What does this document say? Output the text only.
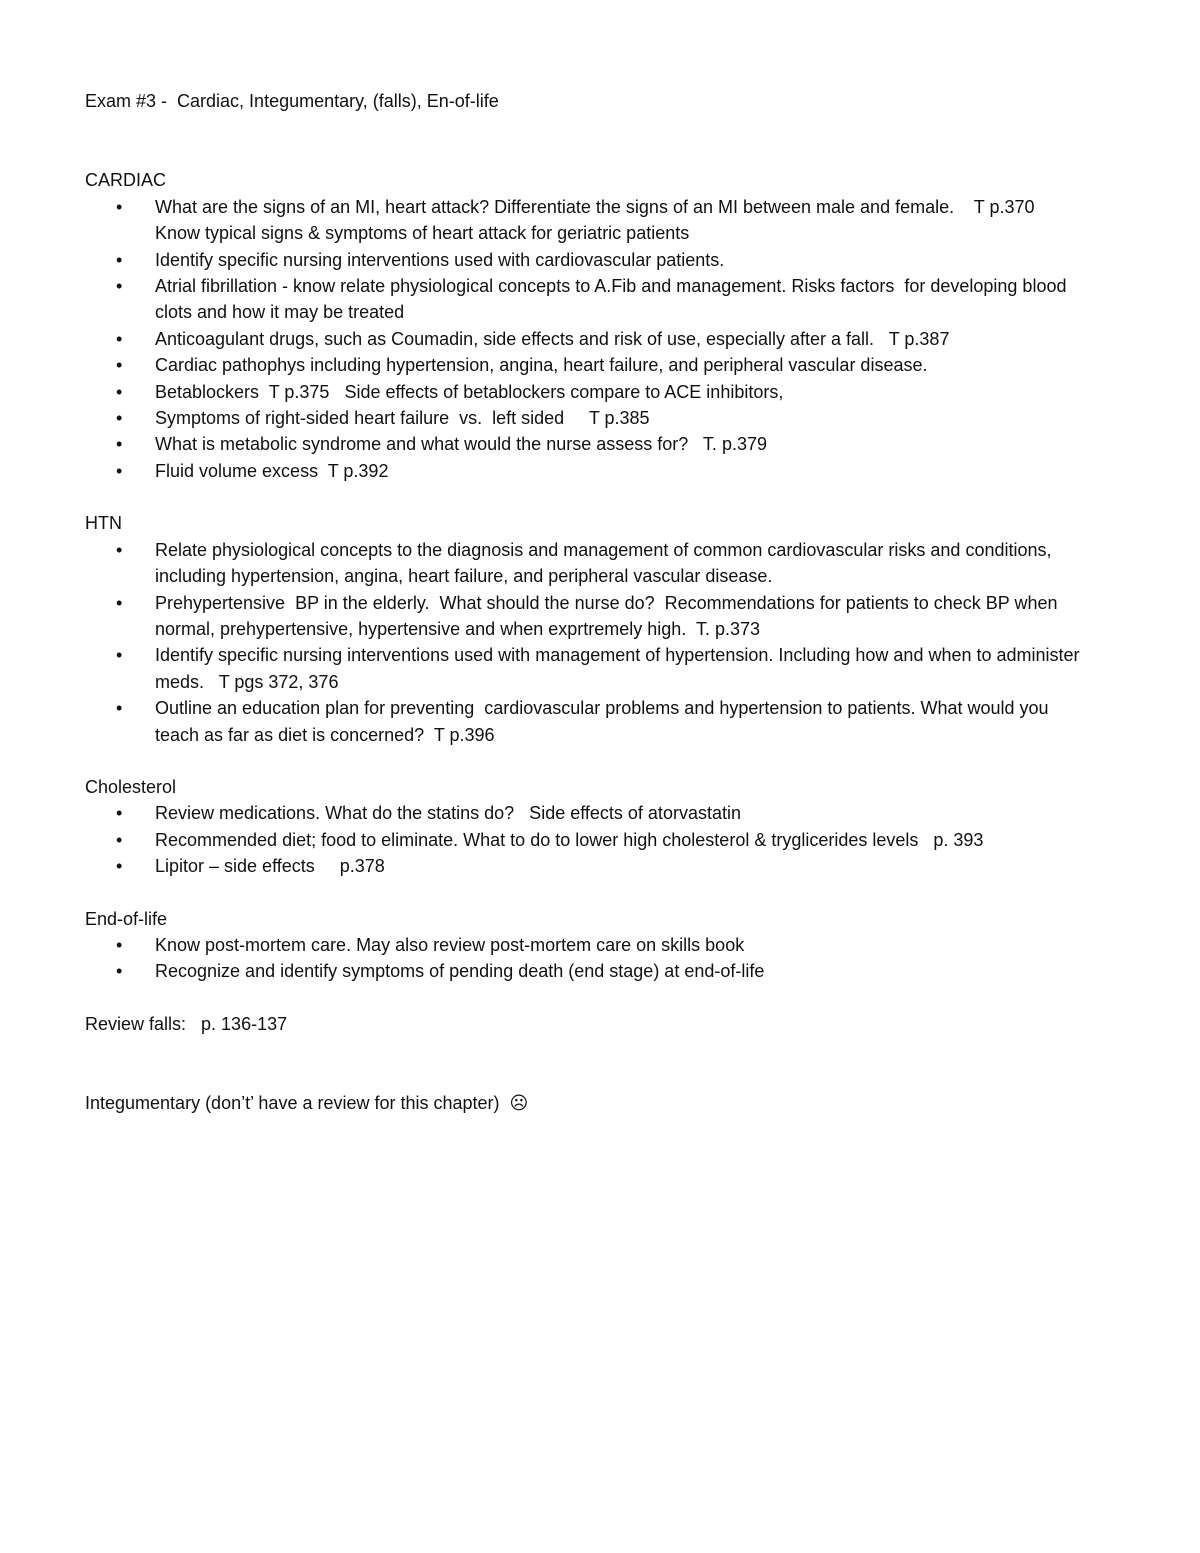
Exam #3 -  Cardiac, Integumentary, (falls), En-of-life
CARDIAC
• What are the signs of an MI, heart attack? Differentiate the signs of an MI between male and female.    T p.370    Know typical signs & symptoms of heart attack for geriatric patients
• Identify specific nursing interventions used with cardiovascular patients.
• Atrial fibrillation - know relate physiological concepts to A.Fib and management. Risks factors  for developing blood clots and how it may be treated
• Anticoagulant drugs, such as Coumadin, side effects and risk of use, especially after a fall.   T p.387
• Cardiac pathophys including hypertension, angina, heart failure, and peripheral vascular disease.
• Betablockers  T p.375   Side effects of betablockers compare to ACE inhibitors,
• Symptoms of right-sided heart failure  vs.  left sided     T p.385
• What is metabolic syndrome and what would the nurse assess for?   T. p.379
• Fluid volume excess  T p.392
HTN
• Relate physiological concepts to the diagnosis and management of common cardiovascular risks and conditions, including hypertension, angina, heart failure, and peripheral vascular disease.
• Prehypertensive  BP in the elderly.  What should the nurse do?  Recommendations for patients to check BP when normal, prehypertensive, hypertensive and when exprtremely high.  T. p.373
• Identify specific nursing interventions used with management of hypertension. Including how and when to administer meds.   T pgs 372, 376
• Outline an education plan for preventing  cardiovascular problems and hypertension to patients. What would you teach as far as diet is concerned?  T p.396
Cholesterol
• Review medications. What do the statins do?   Side effects of atorvastatin
• Recommended diet; food to eliminate. What to do to lower high cholesterol & tryglicerides levels   p. 393
• Lipitor – side effects     p.378
End-of-life
• Know post-mortem care. May also review post-mortem care on skills book
• Recognize and identify symptoms of pending death (end stage) at end-of-life

Review falls:   p. 136-137

Integumentary (don’t’ have a review for this chapter)  ☹
